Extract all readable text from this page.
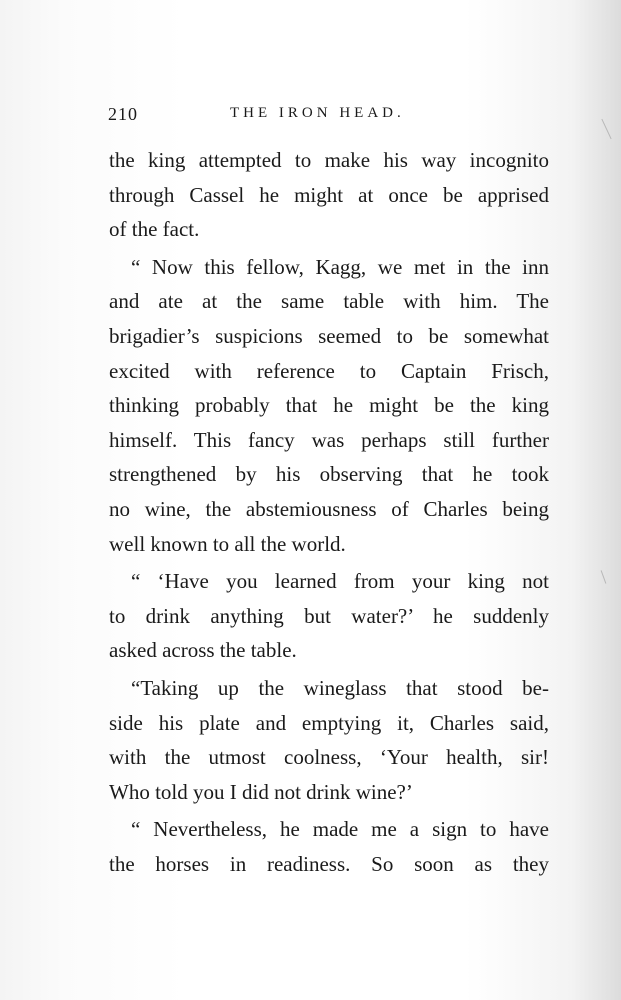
210	THE IRON HEAD.
the king attempted to make his way incognito
through Cassel he might at once be apprised
of the fact.
“ Now this fellow, Kagg, we met in the inn
and ate at the same table with him. The
brigadier’s suspicions seemed to be somewhat
excited with reference to Captain Frisch,
thinking probably that he might be the king
himself. This fancy was perhaps still further
strengthened by his observing that he took
no wine, the abstemiousness of Charles being
well known to all the world.
“ ‘Have you learned from your king not
to drink anything but water?’ he suddenly
asked across the table.
“Taking up the wineglass that stood be-
side his plate and emptying it, Charles said,
with the utmost coolness, ‘Your health, sir!
Who told you I did not drink wine?’
“ Nevertheless, he made me a sign to have
the horses in readiness. So soon as they
